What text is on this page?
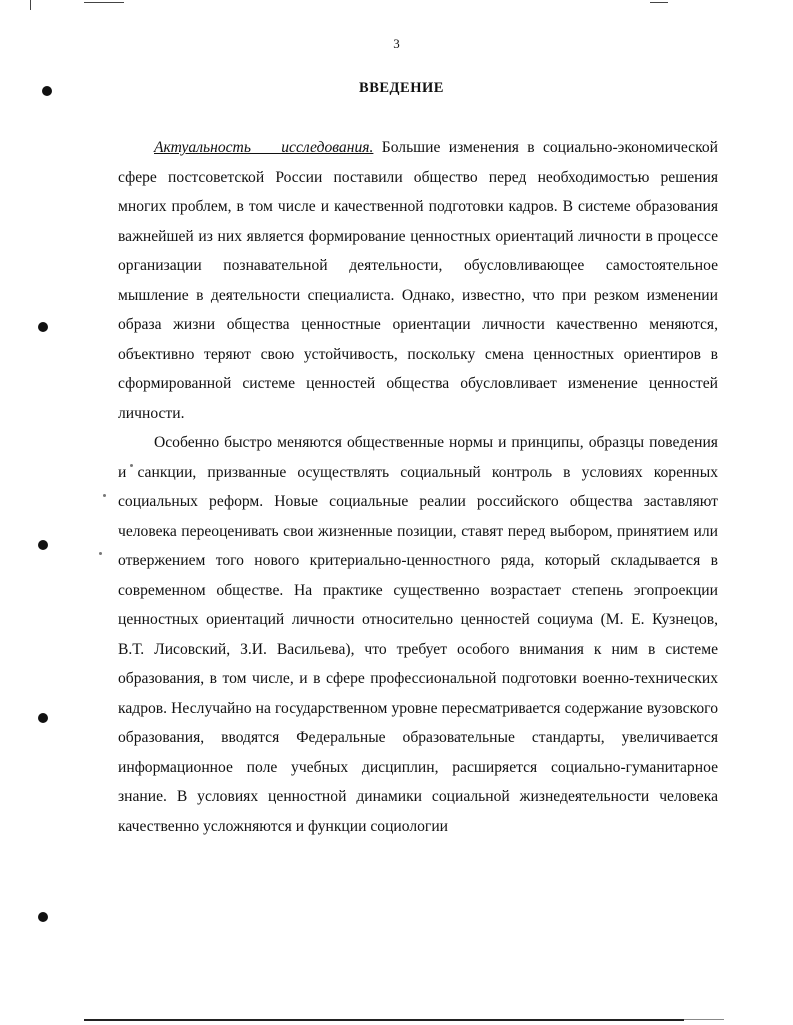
3
ВВЕДЕНИЕ

Актуальность исследования. Большие изменения в социально-экономической сфере постсоветской России поставили общество перед необходимостью решения многих проблем, в том числе и качественной подготовки кадров. В системе образования важнейшей из них является формирование ценностных ориентаций личности в процессе организации познавательной деятельности, обусловливающее самостоятельное мышление в деятельности специалиста. Однако, известно, что при резком изменении образа жизни общества ценностные ориентации личности качественно меняются, объективно теряют свою устойчивость, поскольку смена ценностных ориентиров в сформированной системе ценностей общества обусловливает изменение ценностей личности.

Особенно быстро меняются общественные нормы и принципы, образцы поведения и санкции, призванные осуществлять социальный контроль в условиях коренных социальных реформ. Новые социальные реалии российского общества заставляют человека переоценивать свои жизненные позиции, ставят перед выбором, принятием или отвержением того нового критериально-ценностного ряда, который складывается в современном обществе. На практике существенно возрастает степень эгопроекции ценностных ориентаций личности относительно ценностей социума (М. Е. Кузнецов, В.Т. Лисовский, З.И. Васильева), что требует особого внимания к ним в системе образования, в том числе, и в сфере профессиональной подготовки военно-технических кадров. Неслучайно на государственном уровне пересматривается содержание вузовского образования, вводятся Федеральные образовательные стандарты, увеличивается информационное поле учебных дисциплин, расширяется социально-гуманитарное знание. В условиях ценностной динамики социальной жизнедеятельности человека качественно усложняются и функции социологии
